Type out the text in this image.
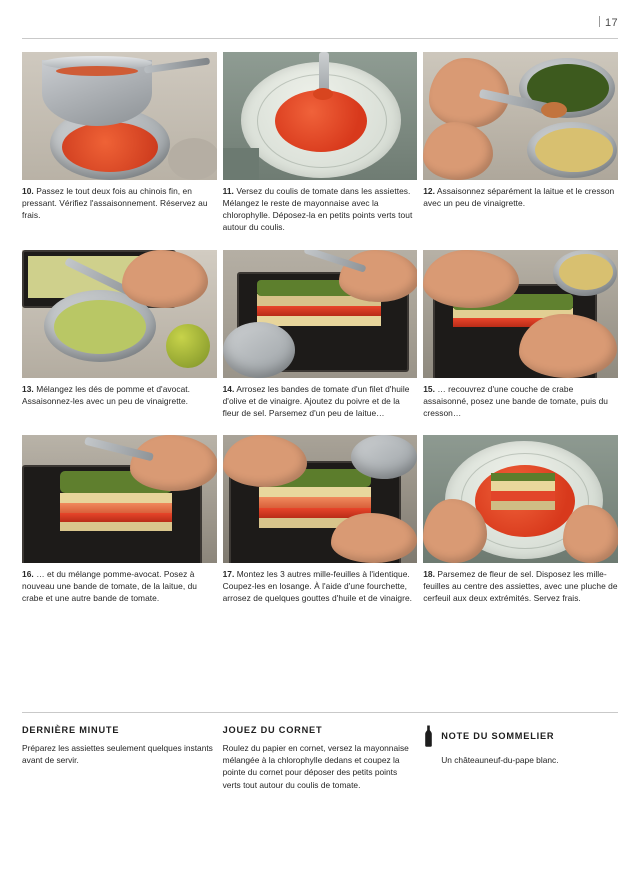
17
10. Passez le tout deux fois au chinois fin, en pressant. Vérifiez l'assaisonnement. Réservez au frais.
11. Versez du coulis de tomate dans les assiettes. Mélangez le reste de mayonnaise avec la chlorophylle. Déposez-la en petits points verts tout autour du coulis.
12. Assaisonnez séparément la laitue et le cresson avec un peu de vinaigrette.
13. Mélangez les dés de pomme et d'avocat. Assaisonnez-les avec un peu de vinaigrette.
14. Arrosez les bandes de tomate d'un filet d'huile d'olive et de vinaigre. Ajoutez du poivre et de la fleur de sel. Parsemez d'un peu de laitue…
15. … recouvrez d'une couche de crabe assaisonné, posez une bande de tomate, puis du cresson…
16. … et du mélange pomme-avocat. Posez à nouveau une bande de tomate, de la laitue, du crabe et une autre bande de tomate.
17. Montez les 3 autres mille-feuilles à l'identique. Coupez-les en losange. À l'aide d'une fourchette, arrosez de quelques gouttes d'huile et de vinaigre.
18. Parsemez de fleur de sel. Disposez les mille-feuilles au centre des assiettes, avec une pluche de cerfeuil aux deux extrémités. Servez frais.
DERNIÈRE MINUTE

Préparez les assiettes seulement quelques instants avant de servir.

JOUEZ DU CORNET

Roulez du papier en cornet, versez la mayonnaise mélangée à la chlorophylle dedans et coupez la pointe du cornet pour déposer des petits points verts tout autour du coulis de tomate.

NOTE DU SOMMELIER

Un châteauneuf-du-pape blanc.
